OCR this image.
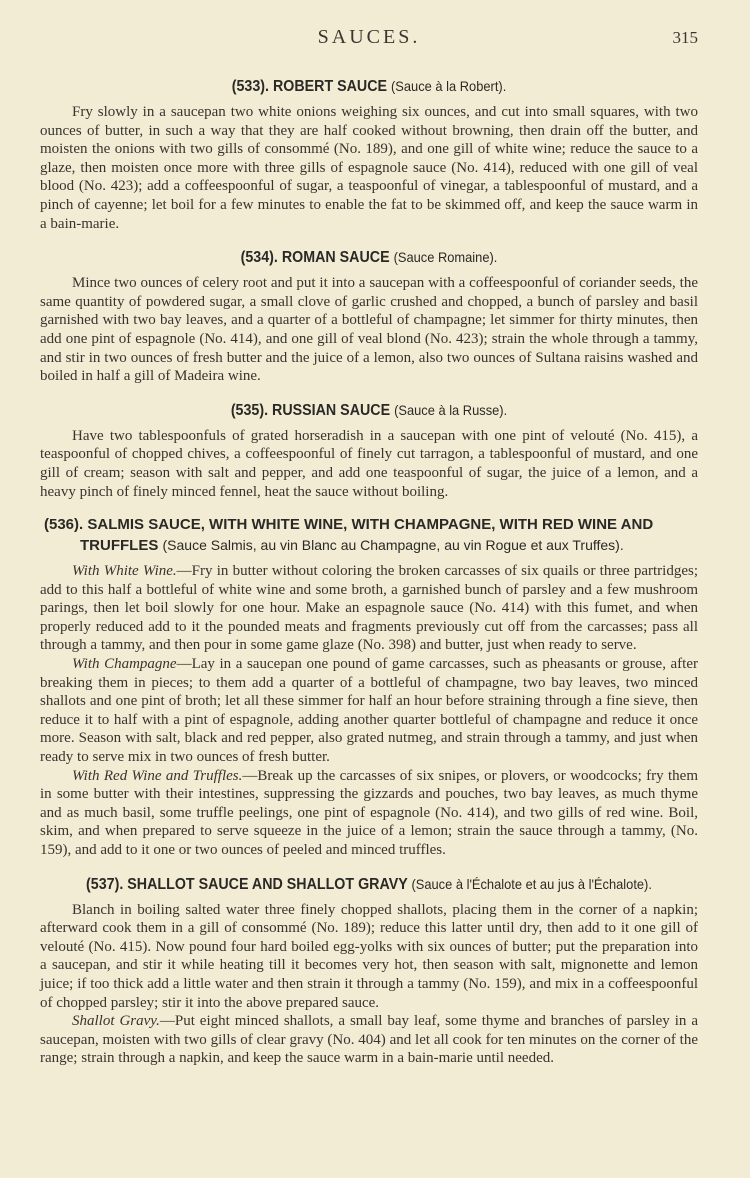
SAUCES.	315
(533). ROBERT SAUCE (Sauce à la Robert).

Fry slowly in a saucepan two white onions weighing six ounces, and cut into small squares, with two ounces of butter, in such a way that they are half cooked without browning, then drain off the butter, and moisten the onions with two gills of consommé (No. 189), and one gill of white wine; reduce the sauce to a glaze, then moisten once more with three gills of espagnole sauce (No. 414), reduced with one gill of veal blood (No. 423); add a coffeespoonful of sugar, a teaspoonful of vinegar, a tablespoonful of mustard, and a pinch of cayenne; let boil for a few minutes to enable the fat to be skimmed off, and keep the sauce warm in a bain-marie.

(534). ROMAN SAUCE (Sauce Romaine).

Mince two ounces of celery root and put it into a saucepan with a coffeespoonful of coriander seeds, the same quantity of powdered sugar, a small clove of garlic crushed and chopped, a bunch of parsley and basil garnished with two bay leaves, and a quarter of a bottleful of champagne; let simmer for thirty minutes, then add one pint of espagnole (No. 414), and one gill of veal blond (No. 423); strain the whole through a tammy, and stir in two ounces of fresh butter and the juice of a lemon, also two ounces of Sultana raisins washed and boiled in half a gill of Madeira wine.

(535). RUSSIAN SAUCE (Sauce à la Russe).

Have two tablespoonfuls of grated horseradish in a saucepan with one pint of velouté (No. 415), a teaspoonful of chopped chives, a coffeespoonful of finely cut tarragon, a tablespoonful of mustard, and one gill of cream; season with salt and pepper, and add one teaspoonful of sugar, the juice of a lemon, and a heavy pinch of finely minced fennel, heat the sauce without boiling.

(536). SALMIS SAUCE, WITH WHITE WINE, WITH CHAMPAGNE, WITH RED WINE AND
TRUFFLES (Sauce Salmis, au vin Blanc au Champagne, au vin Rogue et aux Truffes).

With White Wine.—Fry in butter without coloring the broken carcasses of six quails or three partridges; add to this half a bottleful of white wine and some broth, a garnished bunch of parsley and a few mushroom parings, then let boil slowly for one hour. Make an espagnole sauce (No. 414) with this fumet, and when properly reduced add to it the pounded meats and fragments previously cut off from the carcasses; pass all through a tammy, and then pour in some game glaze (No. 398) and butter, just when ready to serve.

With Champagne—Lay in a saucepan one pound of game carcasses, such as pheasants or grouse, after breaking them in pieces; to them add a quarter of a bottleful of champagne, two bay leaves, two minced shallots and one pint of broth; let all these simmer for half an hour before straining through a fine sieve, then reduce it to half with a pint of espagnole, adding another quarter bottleful of champagne and reduce it once more. Season with salt, black and red pepper, also grated nutmeg, and strain through a tammy, and just when ready to serve mix in two ounces of fresh butter.

With Red Wine and Truffles.—Break up the carcasses of six snipes, or plovers, or woodcocks; fry them in some butter with their intestines, suppressing the gizzards and pouches, two bay leaves, as much thyme and as much basil, some truffle peelings, one pint of espagnole (No. 414), and two gills of red wine. Boil, skim, and when prepared to serve squeeze in the juice of a lemon; strain the sauce through a tammy, (No. 159), and add to it one or two ounces of peeled and minced truffles.

(537). SHALLOT SAUCE AND SHALLOT GRAVY (Sauce à l'Échalote et au jus à l'Échalote).

Blanch in boiling salted water three finely chopped shallots, placing them in the corner of a napkin; afterward cook them in a gill of consommé (No. 189); reduce this latter until dry, then add to it one gill of velouté (No. 415). Now pound four hard boiled egg-yolks with six ounces of butter; put the preparation into a saucepan, and stir it while heating till it becomes very hot, then season with salt, mignonette and lemon juice; if too thick add a little water and then strain it through a tammy (No. 159), and mix in a coffeespoonful of chopped parsley; stir it into the above prepared sauce.

Shallot Gravy.—Put eight minced shallots, a small bay leaf, some thyme and branches of parsley in a saucepan, moisten with two gills of clear gravy (No. 404) and let all cook for ten minutes on the corner of the range; strain through a napkin, and keep the sauce warm in a bain-marie until needed.
